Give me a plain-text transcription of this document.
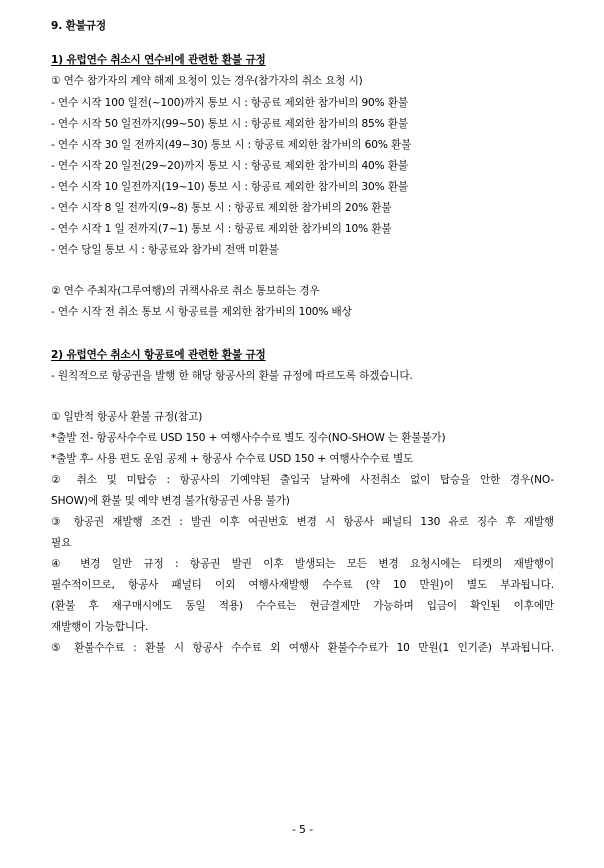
9. 환불규정
1) 유럽연수 취소시 연수비에 관련한 환불 규정
① 연수 참가자의 계약 해제 요청이 있는 경우(참가자의 취소 요청 시)
- 연수 시작 100 일전(~100)까지 통보 시 : 항공료 제외한 참가비의 90% 환불
- 연수 시작 50 일전까지(99~50) 통보 시 : 항공료 제외한 참가비의 85% 환불
- 연수 시작 30 일 전까지(49~30) 통보 시 : 항공료 제외한 참가비의 60% 환불
- 연수 시작 20 일전(29~20)까지 통보 시 : 항공료 제외한 참가비의 40% 환불
- 연수 시작 10 일전까지(19~10) 통보 시 : 항공료 제외한 참가비의 30% 환불
- 연수 시작 8 일 전까지(9~8) 통보 시 : 항공료 제외한 참가비의 20% 환불
- 연수 시작 1 일 전까지(7~1) 통보 시 : 항공료 제외한 참가비의 10% 환불
- 연수 당일 통보 시 : 항공료와 참가비 전액 미환불
② 연수 주최자(그루여행)의 귀책사유로 취소 통보하는 경우
- 연수 시작 전 취소 통보 시 항공료를 제외한 참가비의 100% 배상
2) 유럽연수 취소시 항공료에 관련한 환불 규정
- 원칙적으로 항공권을 발행 한 해당 항공사의 환불 규정에 따르도록 하겠습니다.
① 일반적 항공사 환불 규정(참고)
*출발 전- 항공사수수료 USD 150 + 여행사수수료 별도 징수(NO-SHOW 는 환불불가)
*출발 후- 사용 편도 운임 공제 + 항공사 수수료 USD 150 + 여행사수수료 별도
② 취소 및 미탑승 : 항공사의 기예약된 출입국 날짜에 사전취소 없이 탑승을 안한 경우(NO-
SHOW)에 환불 및 예약 변경 불가(항공권 사용 불가)
③ 항공권 재발행 조건 : 발권 이후 여권번호 변경 시 항공사 패널티 130 유로 징수 후 재발행
필요
④ 변경 일반 규정 : 항공권 발권 이후 발생되는 모든 변경 요청시에는 티켓의 재발행이
필수적이므로, 항공사 패널티 이외 여행사재발행 수수료 (약 10 만원)이 별도 부과됩니다.
(환불 후 재구매시에도 동일 적용) 수수료는 현금결제만 가능하며 입금이 확인된 이후에만
재발행이 가능합니다.
⑤ 환불수수료 : 환불 시 항공사 수수료 외 여행사 환불수수료가 10 만원(1 인기준) 부과됩니다.
- 5 -
